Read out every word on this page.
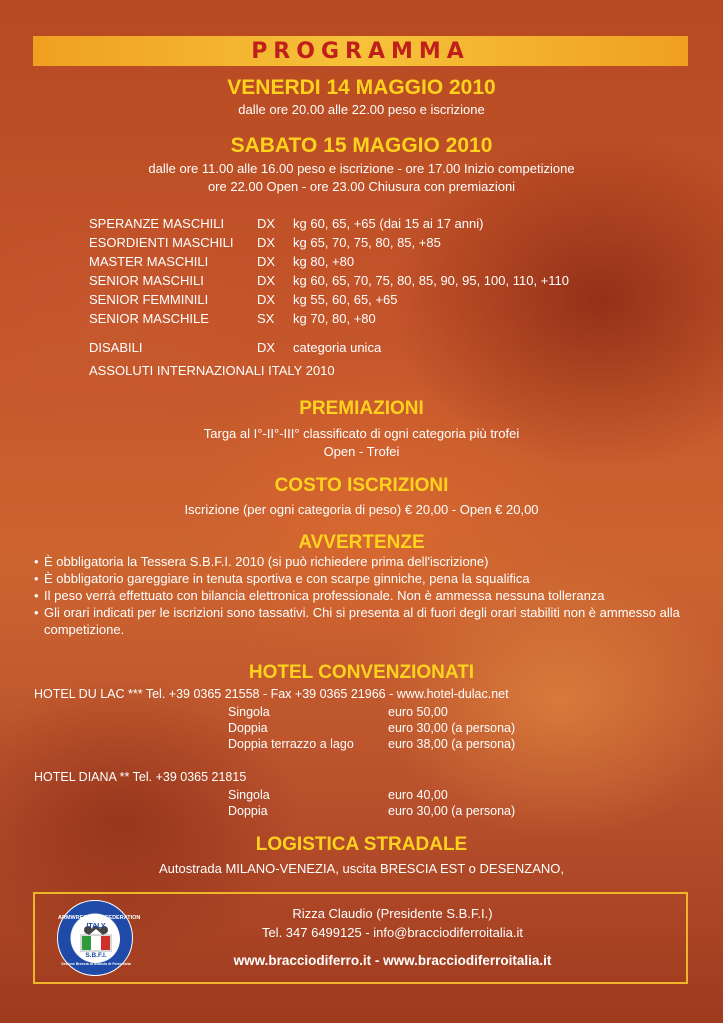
PROGRAMMA
VENERDI 14 MAGGIO 2010
dalle ore 20.00 alle 22.00 peso e iscrizione
SABATO 15 MAGGIO 2010
dalle ore 11.00 alle 16.00 peso e iscrizione - ore 17.00 Inizio competizione
ore 22.00 Open - ore 23.00 Chiusura con premiazioni
SPERANZE MASCHILI	DX	kg 60, 65, +65 (dai 15 ai 17 anni)
ESORDIENTI MASCHILI	DX	kg 65, 70, 75, 80, 85, +85
MASTER MASCHILI	DX	kg 80, +80
SENIOR MASCHILI	DX	kg 60, 65, 70, 75, 80, 85, 90, 95, 100, 110, +110
SENIOR FEMMINILI	DX	kg 55, 60, 65, +65
SENIOR MASCHILE	SX	kg 70, 80, +80

DISABILI	DX	categoria unica
ASSOLUTI INTERNAZIONALI ITALY 2010
PREMIAZIONI
Targa al I°-II°-III° classificato di ogni categoria più trofei
Open - Trofei
COSTO ISCRIZIONI
Iscrizione (per ogni categoria di peso) € 20,00 - Open € 20,00
AVVERTENZE
• È obbligatoria la Tessera S.B.F.I. 2010 (si può richiedere prima dell'iscrizione)
• È obbligatorio gareggiare in tenuta sportiva e con scarpe ginniche, pena la squalifica
• Il peso verrà effettuato con bilancia elettronica professionale. Non è ammessa nessuna tolleranza
• Gli orari indicati per le iscrizioni sono tassativi. Chi si presenta al di fuori degli orari stabiliti non è ammesso alla competizione.
HOTEL CONVENZIONATI
HOTEL DU LAC *** Tel. +39 0365 21558 - Fax +39 0365 21966 - www.hotel-dulac.net
Singola	euro 50,00
Doppia	euro 30,00 (a persona)
Doppia terrazzo a lago	euro 38,00 (a persona)
HOTEL DIANA ** Tel. +39 0365 21815
Singola	euro 40,00
Doppia	euro 30,00 (a persona)
LOGISTICA STRADALE
Autostrada MILANO-VENEZIA, uscita BRESCIA EST o DESENZANO,
ARMWRESTLING FEDERATION
ITALY
S.B.F.I.
Sezione Brescia di Braccio di Ferro Italia
Rizza Claudio (Presidente S.B.F.I.)
Tel. 347 6499125 - info@bracciodiferroitalia.it
www.bracciodiferro.it - www.bracciodiferroitalia.it
